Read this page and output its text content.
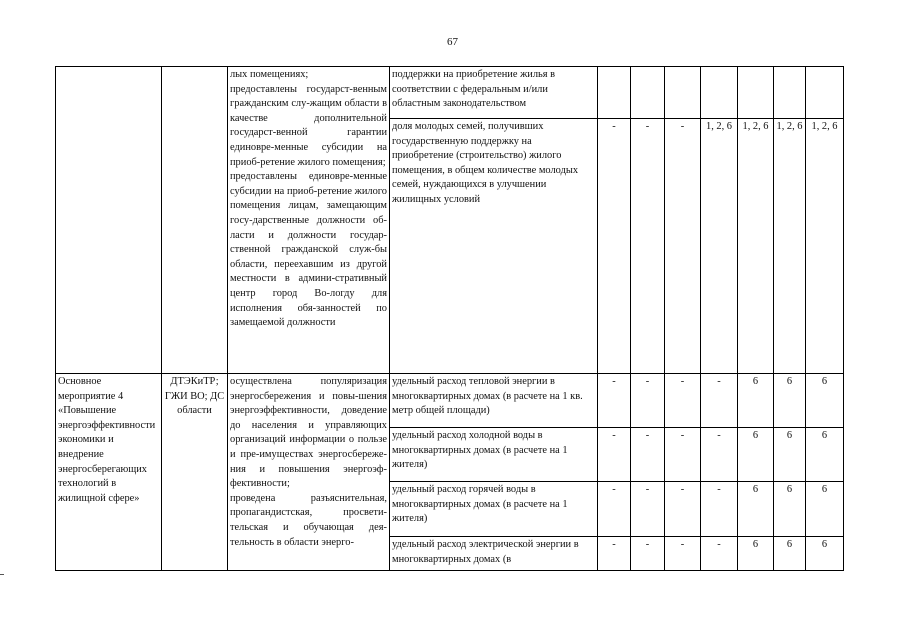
67
		лых помещениях;
предоставлены государст-венным гражданским слу-жащим области в качестве дополнительной государст-венной гарантии единовре-менные субсидии на приоб-ретение жилого помещения;
предоставлены единовре-менные субсидии на приоб-ретение жилого помещения лицам, замещающим госу-дарственные должности об-ласти и должности государ-ственной гражданской служ-бы области, переехавшим из другой местности в админи-стративный центр город Во-логду для исполнения обя-занностей по замещаемой должности	поддержки на приобретение жилья в соответствии с федеральным и/или областным законодательством							
			доля молодых семей, получивших государственную поддержку на приобретение (строительство) жилого помещения, в общем количестве молодых семей, нуждающихся в улучшении жилищных условий	-	-	-	1, 2, 6	1, 2, 6	1, 2, 6	1, 2, 6
Основное мероприятие 4 «Повышение энергоэффективности экономики и внедрение энергосберегающих технологий в жилищной сфере»	ДТЭКиТР; ГЖИ ВО; ДС области	осуществлена популяризация энергосбережения и повы-шения энергоэффективности, доведение до населения и управляющих организаций информации о пользе и пре-имуществах энергосбереже-ния и повышения энергоэф-фективности;
проведена разъяснительная, пропагандистская, просвети-тельская и обучающая дея-тельность в области энерго-	удельный расход тепловой энергии в многоквартирных домах (в расчете на 1 кв. метр общей площади)	-	-	-	-	6	6	6
			удельный расход холодной воды в многоквартирных домах (в расчете на 1 жителя)	-	-	-	-	6	6	6
			удельный расход горячей воды в многоквартирных домах (в расчете на 1 жителя)	-	-	-	-	6	6	6
			удельный расход электрической энергии в многоквартирных домах (в	-	-	-	-	6	6	6
